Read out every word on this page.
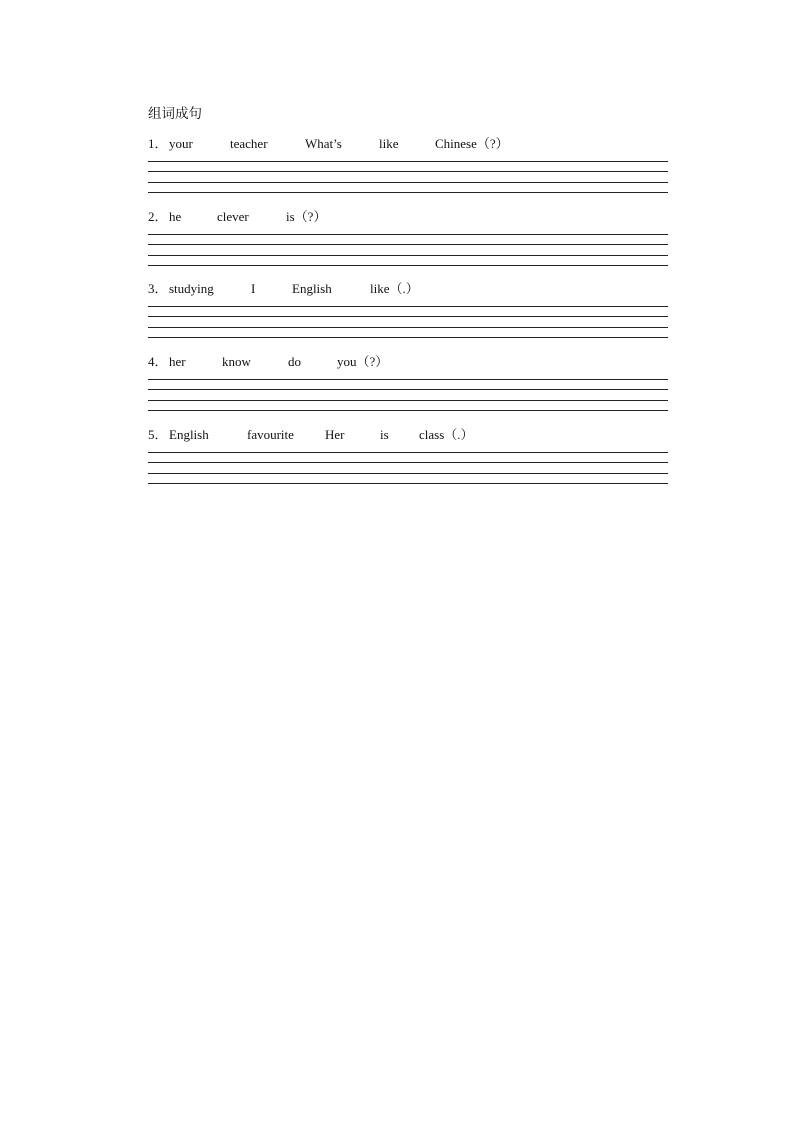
组词成句
1． your	teacher	What’s	like	Chinese（?）
2． he	clever	is（?）
3． studying	I	English	like（.）
4． her	know	do	you（?）
5． English	favourite Her	is class（.）
